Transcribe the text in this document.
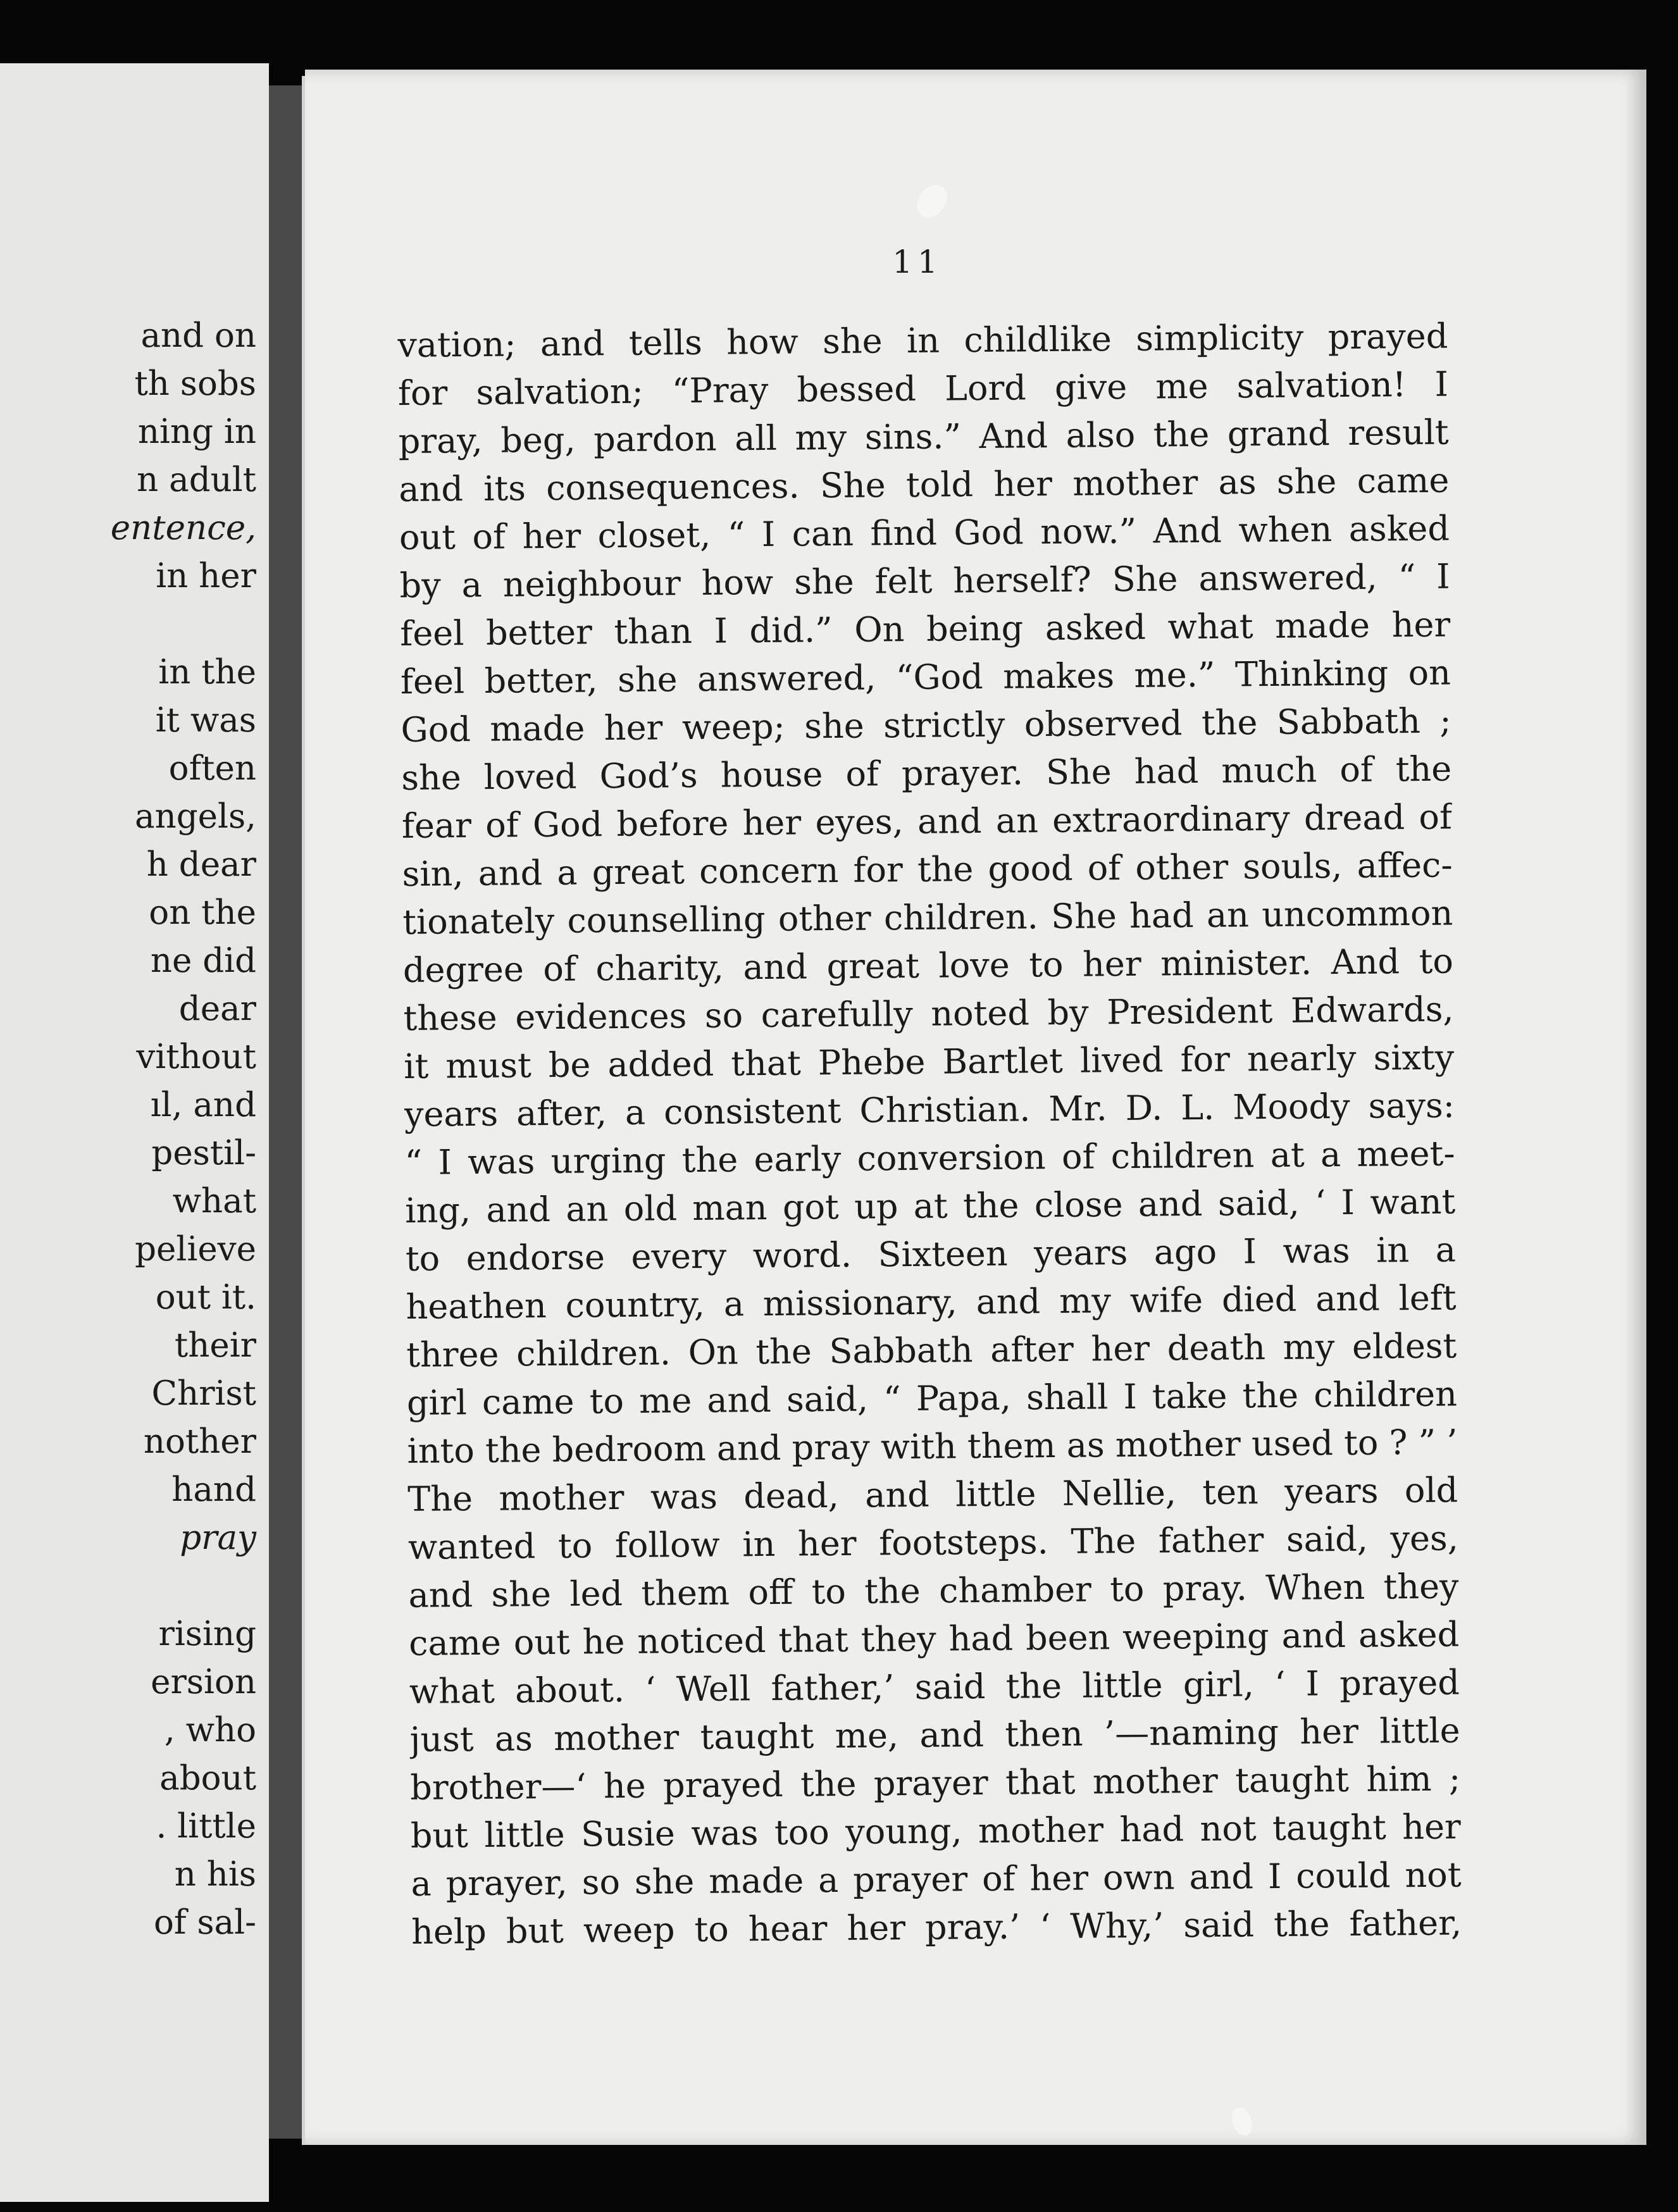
and on
th sobs
ning in
n adult
entence,
in her
in the
it was
often
angels,
h dear
on the
ne did
dear
vithout
ıl, and
pestil-
what
pelieve
out it.
their
Christ
nother
hand
pray
rising
ersion
, who
about
. little
n his
of sal-
11
vation; and tells how she in childlike simplicity prayed
for salvation; “Pray bessed Lord give me salvation! I
pray, beg, pardon all my sins.” And also the grand result
and its consequences. She told her mother as she came
out of her closet, “ I can find God now.” And when asked
by a neighbour how she felt herself? She answered, “ I
feel better than I did.” On being asked what made her
feel better, she answered, “God makes me.” Thinking on
God made her weep; she strictly observed the Sabbath ;
she loved God’s house of prayer. She had much of the
fear of God before her eyes, and an extraordinary dread of
sin, and a great concern for the good of other souls, affec-
tionately counselling other children. She had an uncommon
degree of charity, and great love to her minister. And to
these evidences so carefully noted by President Edwards,
it must be added that Phebe Bartlet lived for nearly sixty
years after, a consistent Christian. Mr. D. L. Moody says:
“ I was urging the early conversion of children at a meet-
ing, and an old man got up at the close and said, ‘ I want
to endorse every word. Sixteen years ago I was in a
heathen country, a missionary, and my wife died and left
three children. On the Sabbath after her death my eldest
girl came to me and said, “ Papa, shall I take the children
into the bedroom and pray with them as mother used to ? ” ’
The mother was dead, and little Nellie, ten years old
wanted to follow in her footsteps. The father said, yes,
and she led them off to the chamber to pray. When they
came out he noticed that they had been weeping and asked
what about. ‘ Well father,’ said the little girl, ‘ I prayed
just as mother taught me, and then ’—naming her little
brother—‘ he prayed the prayer that mother taught him ;
but little Susie was too young, mother had not taught her
a prayer, so she made a prayer of her own and I could not
help but weep to hear her pray.’ ‘ Why,’ said the father,
